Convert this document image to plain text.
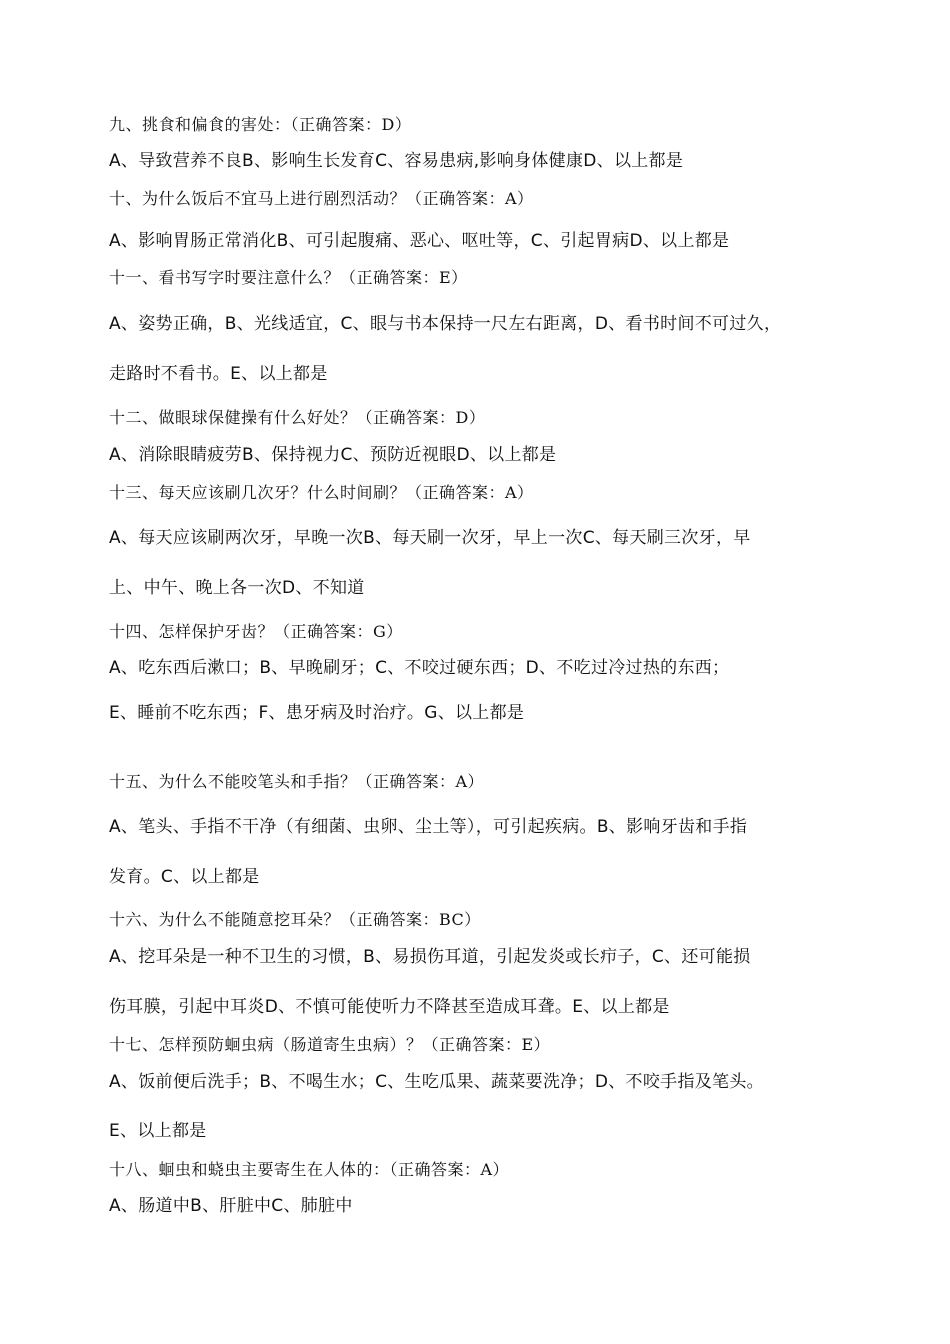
九、挑食和偏食的害处：（正确答案：D）

A、导致营养不良B、影响生长发育C、容易患病,影响身体健康D、以上都是

十、为什么饭后不宜马上进行剧烈活动？（正确答案：A）

A、影响胃肠正常消化B、可引起腹痛、恶心、呕吐等，C、引起胃病D、以上都是

十一、看书写字时要注意什么？（正确答案：E）

A、姿势正确，B、光线适宜，C、眼与书本保持一尺左右距离，D、看书时间不可过久，

走路时不看书。E、以上都是

十二、做眼球保健操有什么好处？（正确答案：D）

A、消除眼睛疲劳B、保持视力C、预防近视眼D、以上都是

十三、每天应该刷几次牙？什么时间刷？（正确答案：A）

A、每天应该刷两次牙，早晚一次B、每天刷一次牙，早上一次C、每天刷三次牙，早

上、中午、晚上各一次D、不知道

十四、怎样保护牙齿？（正确答案：G）

A、吃东西后漱口；B、早晚刷牙；C、不咬过硬东西；D、不吃过冷过热的东西；

E、睡前不吃东西；F、患牙病及时治疗。G、以上都是

十五、为什么不能咬笔头和手指？（正确答案：A）

A、笔头、手指不干净（有细菌、虫卵、尘土等），可引起疾病。B、影响牙齿和手指

发育。C、以上都是

十六、为什么不能随意挖耳朵？（正确答案：BC）

A、挖耳朵是一种不卫生的习惯，B、易损伤耳道，引起发炎或长疖子，C、还可能损

伤耳膜，引起中耳炎D、不慎可能使听力不降甚至造成耳聋。E、以上都是

十七、怎样预防蛔虫病（肠道寄生虫病）？（正确答案：E）

A、饭前便后洗手；B、不喝生水；C、生吃瓜果、蔬菜要洗净；D、不咬手指及笔头。

E、以上都是

十八、蛔虫和蛲虫主要寄生在人体的：（正确答案：A）

A、肠道中B、肝脏中C、肺脏中
